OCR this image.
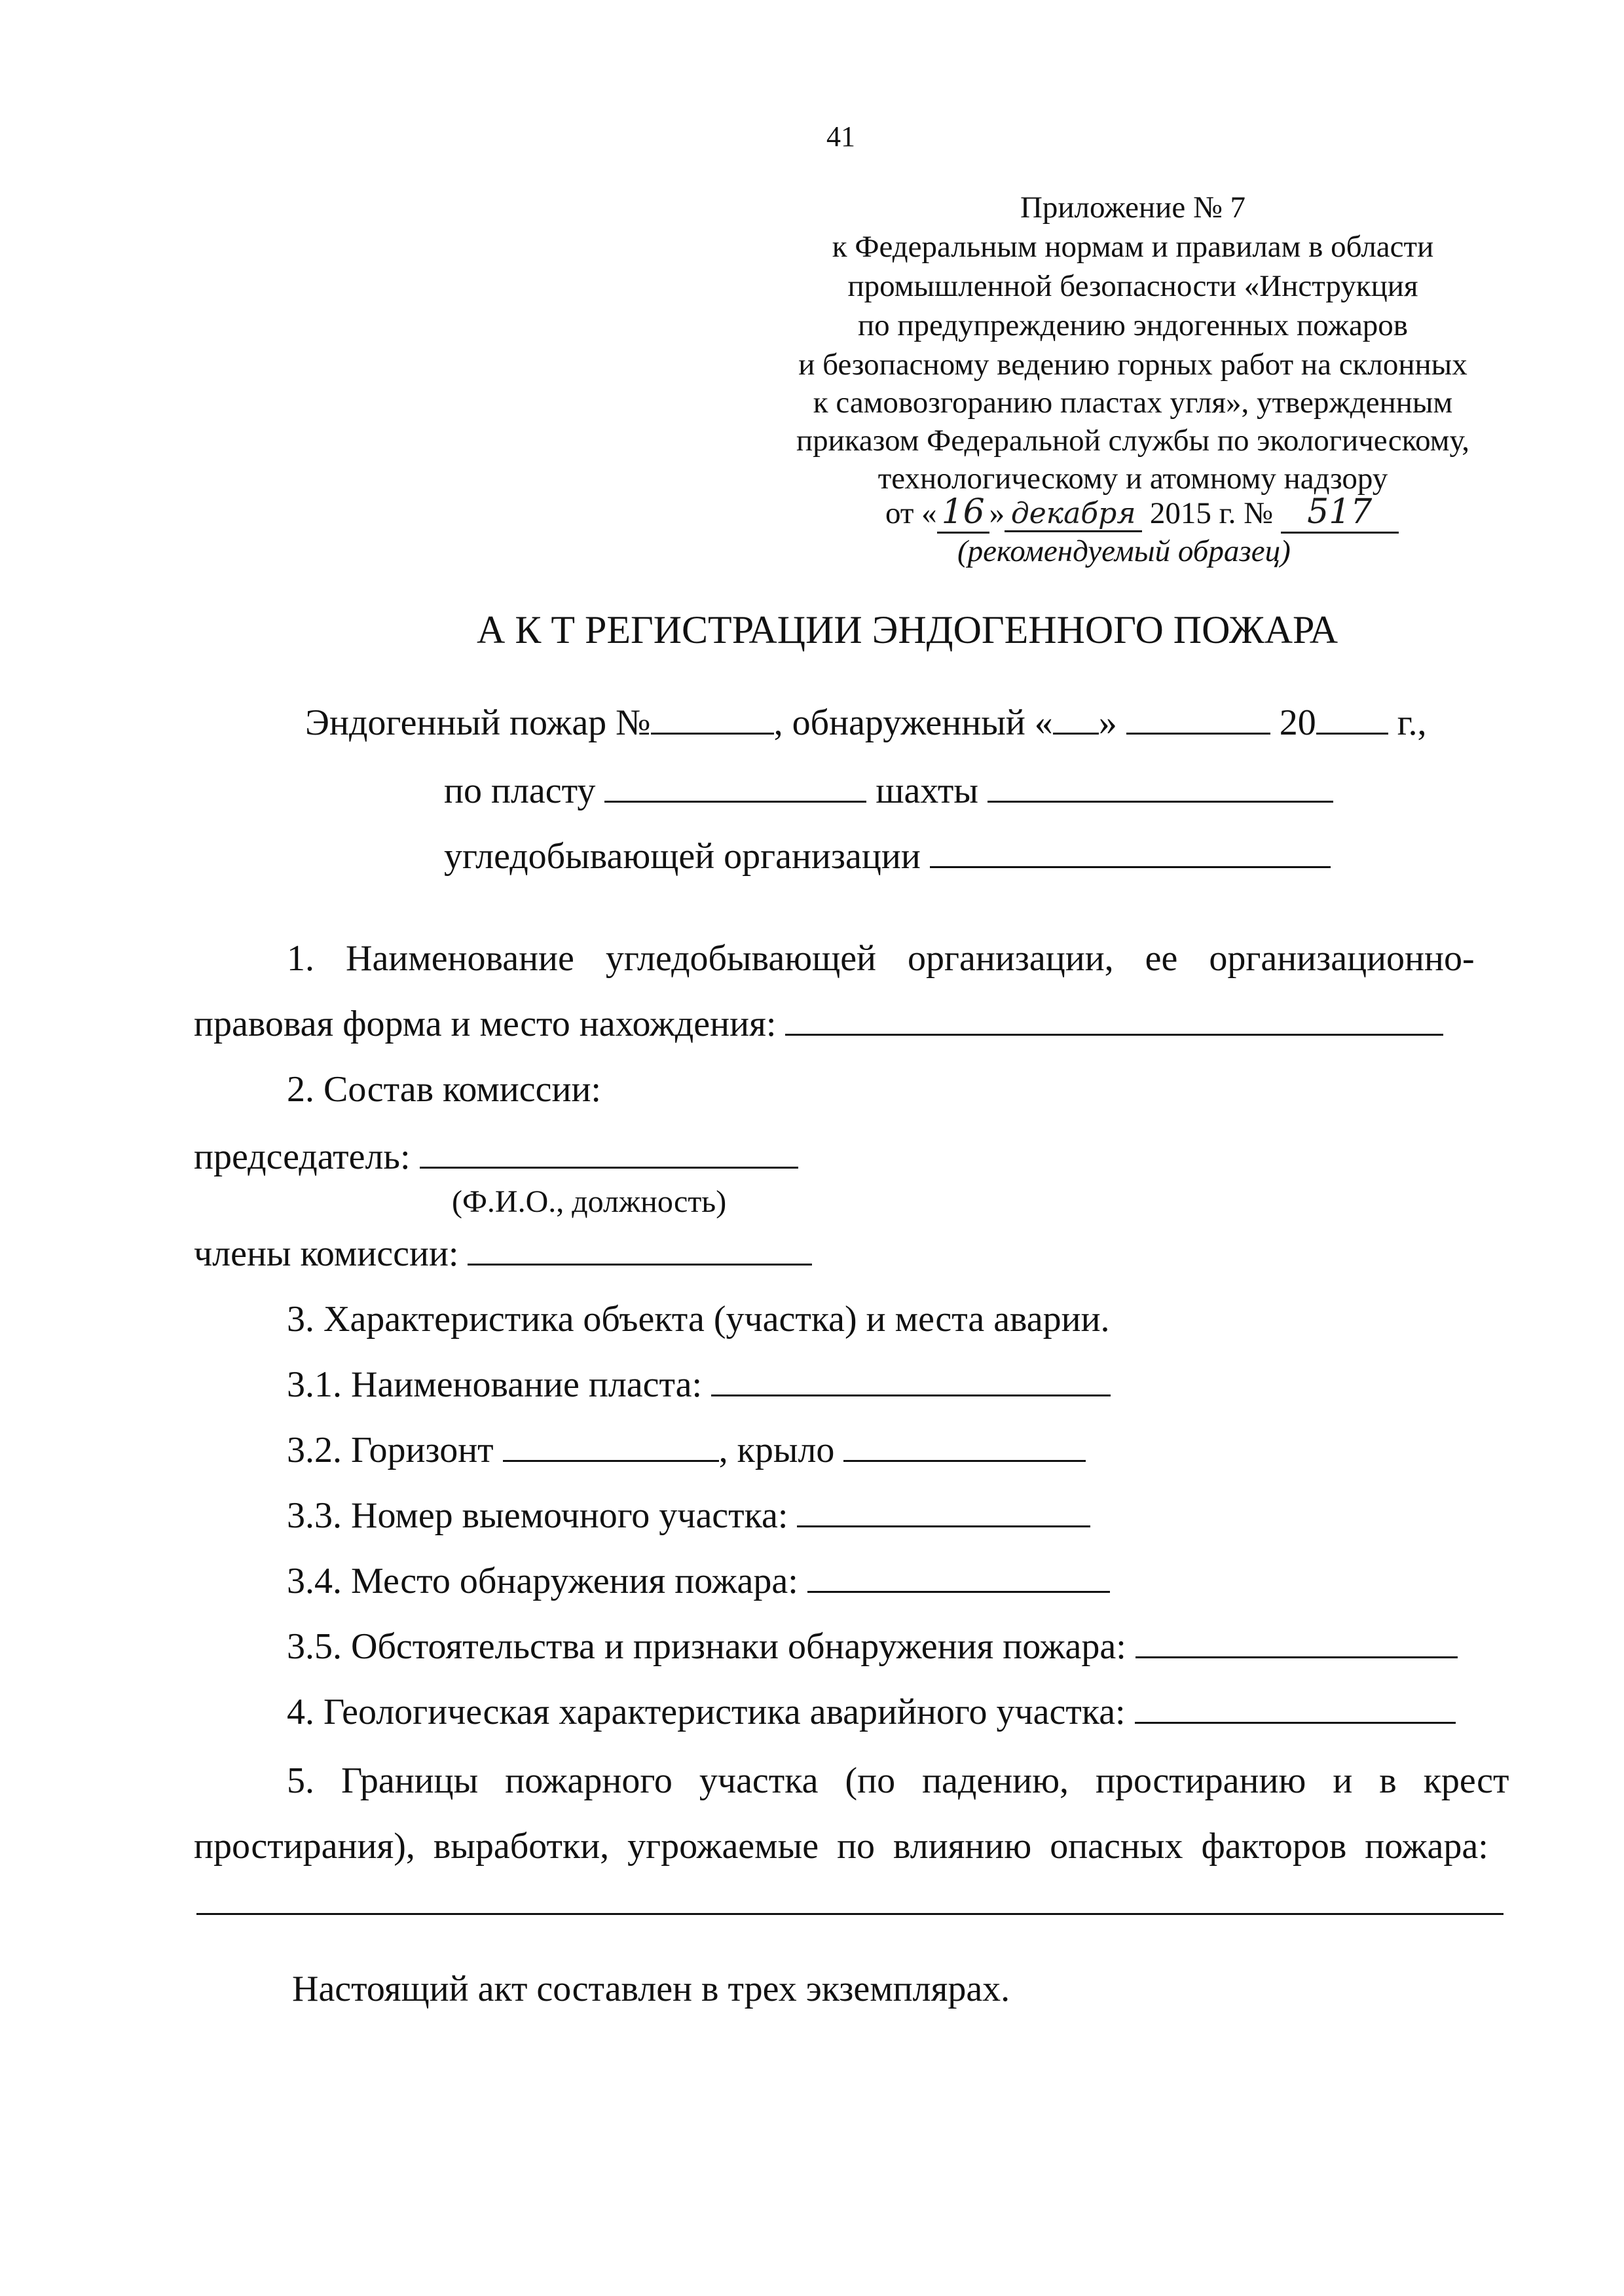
41
Приложение № 7
к Федеральным нормам и правилам в области
промышленной безопасности «Инструкция
по предупреждению эндогенных пожаров
и безопасному ведению горных работ на склонных
к самовозгоранию пластах угля», утвержденным
приказом Федеральной службы по экологическому,
технологическому и атомному надзору
от « 16 » декабря 2015 г. № 517
(рекомендуемый образец)
А К Т РЕГИСТРАЦИИ ЭНДОГЕННОГО ПОЖАРА
Эндогенный пожар №	, обнаруженный « »	20 г.,
по пласту	шахты
угледобывающей организации
1. Наименование угледобывающей организации, ее организационно-
правовая форма и место нахождения:
2. Состав комиссии:
председатель:
(Ф.И.О., должность)
члены комиссии:
3. Характеристика объекта (участка) и места аварии.
3.1. Наименование пласта:
3.2. Горизонт	, крыло
3.3. Номер выемочного участка:
3.4. Место обнаружения пожара:
3.5. Обстоятельства и признаки обнаружения пожара:
4. Геологическая характеристика аварийного участка:
5. Границы пожарного участка (по падению, простиранию и в крест
простирания), выработки, угрожаемые по влиянию опасных факторов пожара:
Настоящий акт составлен в трех экземплярах.
